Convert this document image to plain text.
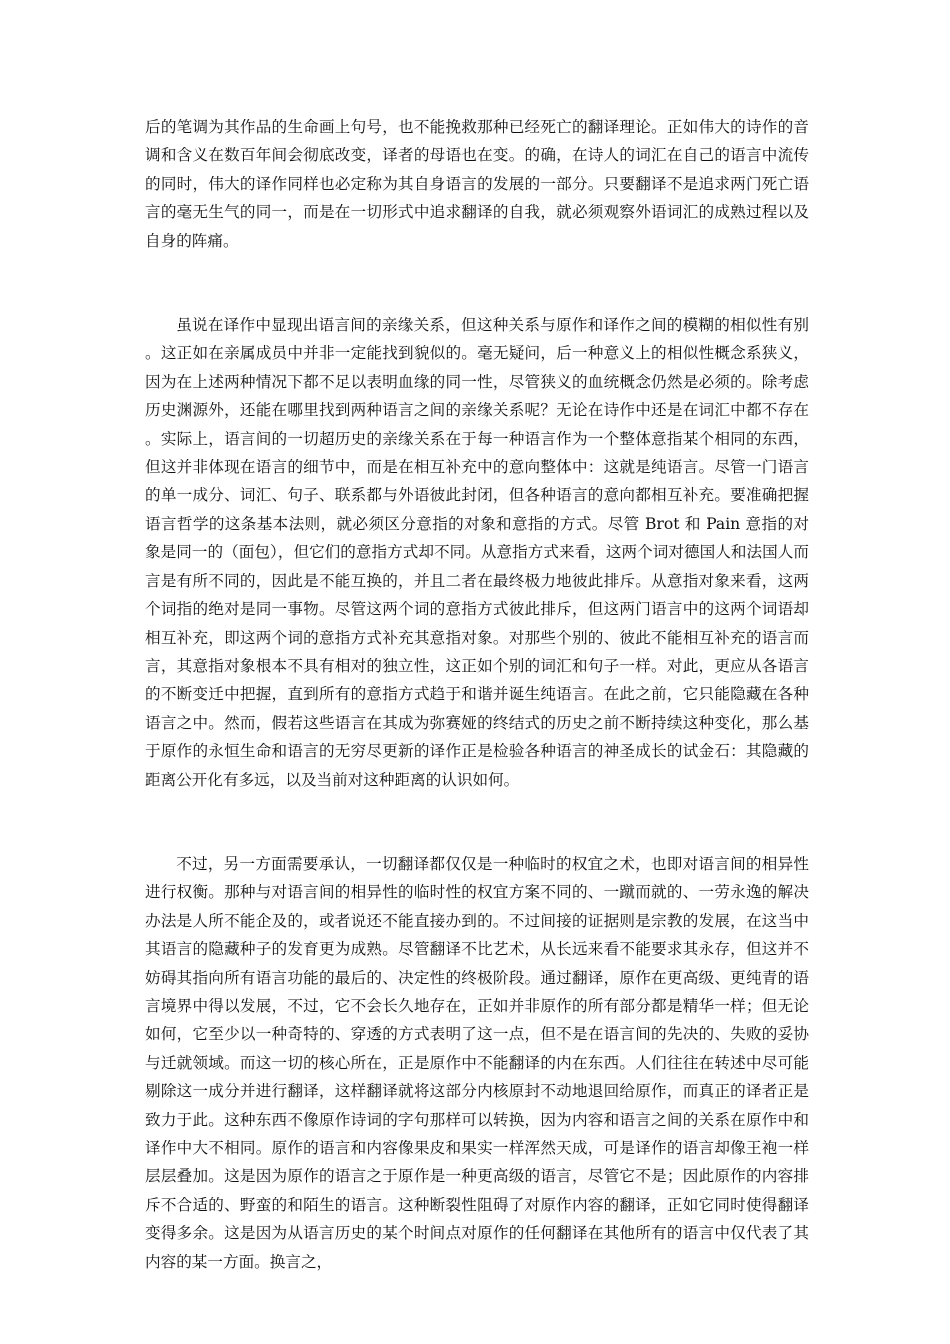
后的笔调为其作品的生命画上句号，也不能挽救那种已经死亡的翻译理论。正如伟大的诗作的音调和含义在数百年间会彻底改变，译者的母语也在变。的确，在诗人的词汇在自己的语言中流传的同时，伟大的译作同样也必定称为其自身语言的发展的一部分。只要翻译不是追求两门死亡语言的毫无生气的同一，而是在一切形式中追求翻译的自我，就必须观察外语词汇的成熟过程以及自身的阵痛。

虽说在译作中显现出语言间的亲缘关系，但这种关系与原作和译作之间的模糊的相似性有别。这正如在亲属成员中并非一定能找到貌似的。毫无疑问，后一种意义上的相似性概念系狭义，因为在上述两种情况下都不足以表明血缘的同一性，尽管狭义的血统概念仍然是必须的。除考虑历史渊源外，还能在哪里找到两种语言之间的亲缘关系呢？无论在诗作中还是在词汇中都不存在。实际上，语言间的一切超历史的亲缘关系在于每一种语言作为一个整体意指某个相同的东西，但这并非体现在语言的细节中，而是在相互补充中的意向整体中：这就是纯语言。尽管一门语言的单一成分、词汇、句子、联系都与外语彼此封闭，但各种语言的意向都相互补充。要准确把握语言哲学的这条基本法则，就必须区分意指的对象和意指的方式。尽管 Brot 和 Pain 意指的对象是同一的（面包），但它们的意指方式却不同。从意指方式来看，这两个词对德国人和法国人而言是有所不同的，因此是不能互换的，并且二者在最终极力地彼此排斥。从意指对象来看，这两个词指的绝对是同一事物。尽管这两个词的意指方式彼此排斥，但这两门语言中的这两个词语却相互补充，即这两个词的意指方式补充其意指对象。对那些个别的、彼此不能相互补充的语言而言，其意指对象根本不具有相对的独立性，这正如个别的词汇和句子一样。对此，更应从各语言的不断变迁中把握，直到所有的意指方式趋于和谐并诞生纯语言。在此之前，它只能隐藏在各种语言之中。然而，假若这些语言在其成为弥赛娅的终结式的历史之前不断持续这种变化，那么基于原作的永恒生命和语言的无穷尽更新的译作正是检验各种语言的神圣成长的试金石：其隐藏的距离公开化有多远，以及当前对这种距离的认识如何。

不过，另一方面需要承认，一切翻译都仅仅是一种临时的权宜之术，也即对语言间的相异性进行权衡。那种与对语言间的相异性的临时性的权宜方案不同的、一蹴而就的、一劳永逸的解决办法是人所不能企及的，或者说还不能直接办到的。不过间接的证据则是宗教的发展，在这当中其语言的隐藏种子的发育更为成熟。尽管翻译不比艺术，从长远来看不能要求其永存，但这并不妨碍其指向所有语言功能的最后的、决定性的终极阶段。通过翻译，原作在更高级、更纯青的语言境界中得以发展，不过，它不会长久地存在，正如并非原作的所有部分都是精华一样；但无论如何，它至少以一种奇特的、穿透的方式表明了这一点，但不是在语言间的先决的、失败的妥协与迁就领域。而这一切的核心所在，正是原作中不能翻译的内在东西。人们往往在转述中尽可能剔除这一成分并进行翻译，这样翻译就将这部分内核原封不动地退回给原作，而真正的译者正是致力于此。这种东西不像原作诗词的字句那样可以转换，因为内容和语言之间的关系在原作中和译作中大不相同。原作的语言和内容像果皮和果实一样浑然天成，可是译作的语言却像王袍一样层层叠加。这是因为原作的语言之于原作是一种更高级的语言，尽管它不是；因此原作的内容排斥不合适的、野蛮的和陌生的语言。这种断裂性阻碍了对原作内容的翻译，正如它同时使得翻译变得多余。这是因为从语言历史的某个时间点对原作的任何翻译在其他所有的语言中仅代表了其内容的某一方面。换言之，
